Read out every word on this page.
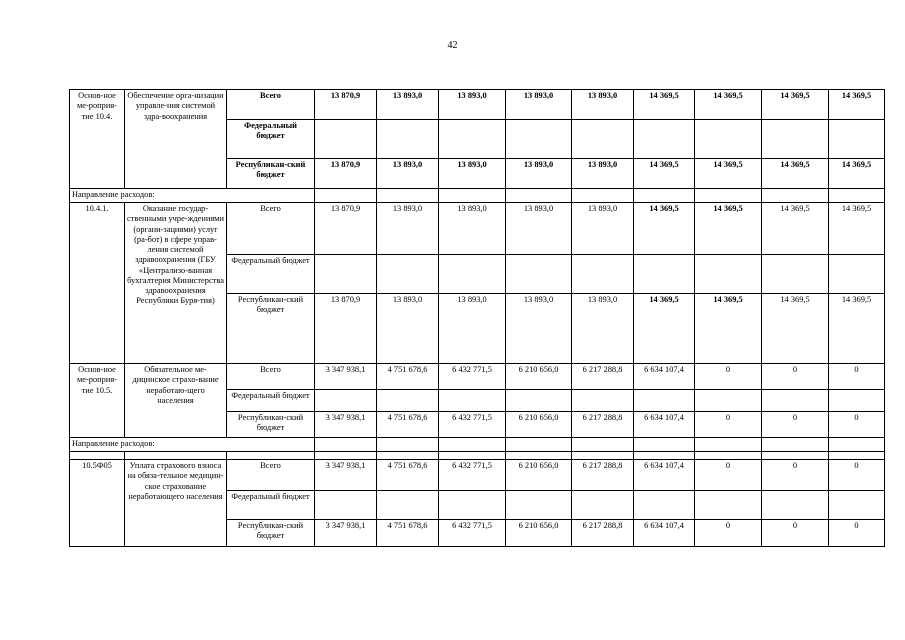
42
Основ-ное ме-роприя-тие 10.4.	Обеспечение орга-низации управле-ния системой здра-воохранения	Всего	13 870,9	13 893,0	13 893,0	13 893,0	13 893,0	14 369,5	14 369,5	14 369,5	14 369,5
		Федеральный бюджет									
		Республикан-ский бюджет	13 870,9	13 893,0	13 893,0	13 893,0	13 893,0	14 369,5	14 369,5	14 369,5	14 369,5
Направление расходов:											
10.4.1.	Оказание государ-ственными учре-ждениями (органи-зациями) услуг (ра-бот) в сфере управ-ления системой здравоохранения (ГБУ «Централизо-ванная бухгалтерия Министерства здравоохранения Республики Буря-тия)	Всего	13 870,9	13 893,0	13 893,0	13 893,0	13 893,0	14 369,5	14 369,5	14 369,5	14 369,5
		Федеральный бюджет									
		Республикан-ский бюджет	13 870,9	13 893,0	13 893,0	13 893,0	13 893,0	14 369,5	14 369,5	14 369,5	14 369,5
Основ-ное ме-роприя-тие 10.5.	Обязательное ме-дицинское страхо-вание неработаю-щего населения	Всего	3 347 938,1	4 751 678,6	6 432 771,5	6 210 656,0	6 217 288,8	6 634 107,4	0	0	0
		Федеральный бюджет									
		Республикан-ский бюджет	3 347 938,1	4 751 678,6	6 432 771,5	6 210 656,0	6 217 288,8	6 634 107,4	0	0	0
Направление расходов:											

10.5Ф05	Уплата страхового взноса на обяза-тельное медицин-ское страхование неработающего населения	Всего	3 347 938,1	4 751 678,6	6 432 771,5	6 210 656,0	6 217 288,8	6 634 107,4	0	0	0
		Федеральный бюджет									
		Республикан-ский бюджет	3 347 938,1	4 751 678,6	6 432 771,5	6 210 656,0	6 217 288,8	6 634 107,4	0	0	0
